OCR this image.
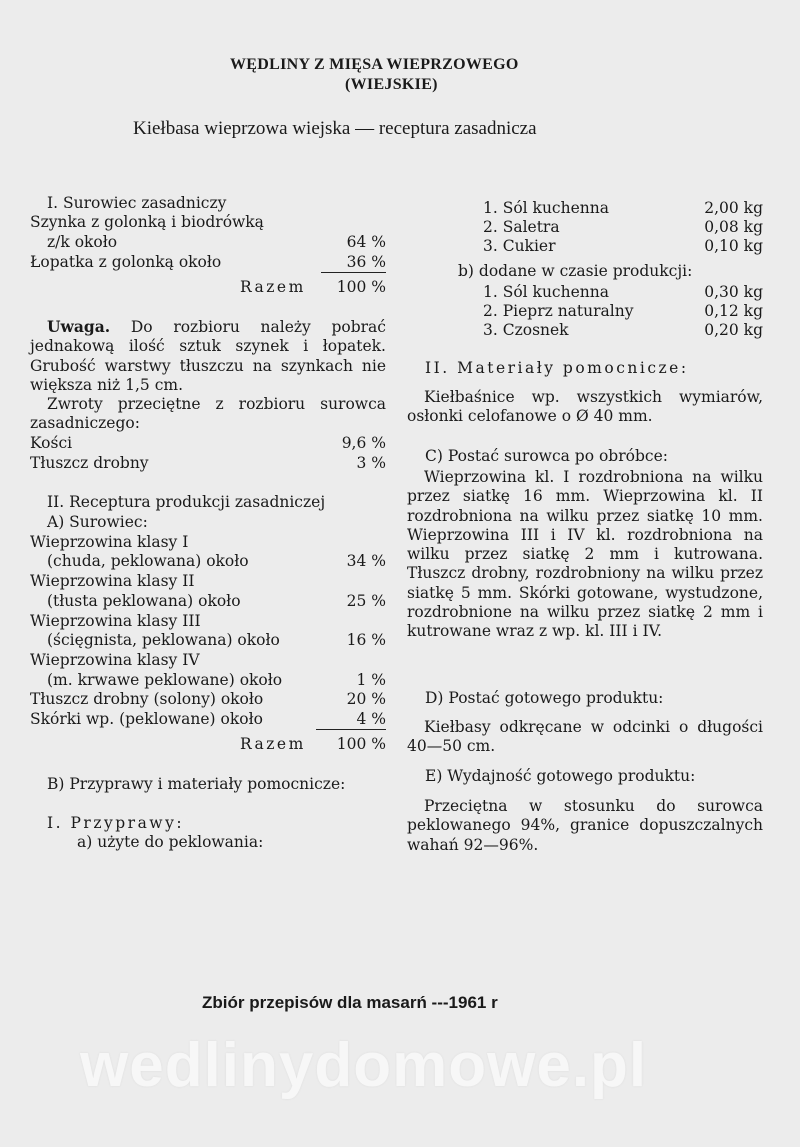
WĘDLINY Z MIĘSA WIEPRZOWEGO
(WIEJSKIE)
Kiełbasa wieprzowa wiejska — receptura zasadnicza
I. Surowiec zasadniczy
Szynka z golonką i biodrówką
z/k około	64 %
Łopatka z golonką około	36 %
Razem 100 %
Uwaga. Do rozbioru należy pobrać jednakową ilość sztuk szynek i łopatek. Grubość warstwy tłuszczu na szynkach nie większa niż 1,5 cm.
Zwroty przeciętne z rozbioru surowca zasadniczego:
Kości	9,6 %
Tłuszcz drobny	3 %
II. Receptura produkcji zasadniczej
A) Surowiec:
Wieprzowina klasy I
(chuda, peklowana) około	34 %
Wieprzowina klasy II
(tłusta peklowana) około	25 %
Wieprzowina klasy III
(ścięgnista, peklowana) około	16 %
Wieprzowina klasy IV
(m. krwawe peklowane) około	1 %
Tłuszcz drobny (solony) około	20 %
Skórki wp. (peklowane) około	4 %
Razem 100 %
B) Przyprawy i materiały pomocnicze:
I. Przyprawy:
a) użyte do peklowania:
1. Sól kuchenna	2,00 kg
2. Saletra	0,08 kg
3. Cukier	0,10 kg
b) dodane w czasie produkcji:
1. Sól kuchenna	0,30 kg
2. Pieprz naturalny	0,12 kg
3. Czosnek	0,20 kg
II. Materiały pomocnicze:
Kiełbaśnice wp. wszystkich wymiarów, osłonki celofanowe o Ø 40 mm.
C) Postać surowca po obróbce:
Wieprzowina kl. I rozdrobniona na wilku przez siatkę 16 mm. Wieprzowina kl. II rozdrobniona na wilku przez siatkę 10 mm. Wieprzowina III i IV kl. rozdrobniona na wilku przez siatkę 2 mm i kutrowana. Tłuszcz drobny, rozdrobniony na wilku przez siatkę 5 mm. Skórki gotowane, wystudzone, rozdrobnione na wilku przez siatkę 2 mm i kutrowane wraz z wp. kl. III i IV.
D) Postać gotowego produktu:
Kiełbasy odkręcane w odcinki o długości 40—50 cm.
E) Wydajność gotowego produktu:
Przeciętna w stosunku do surowca peklowanego 94%, granice dopuszczalnych wahań 92—96%.
Zbiór przepisów dla masarń ---1961 r
wedlinydomowe.pl
